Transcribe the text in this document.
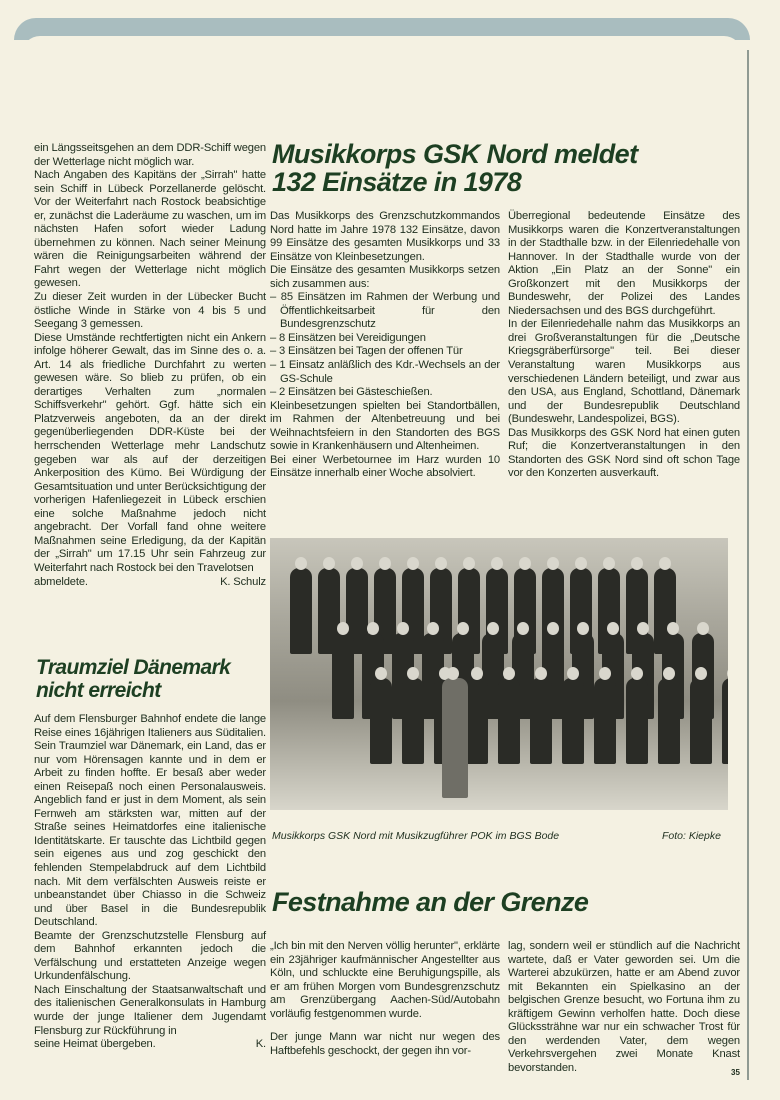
ein Längsseitsgehen an dem DDR-Schiff wegen der Wetterlage nicht möglich war.

Nach Angaben des Kapitäns der „Sirrah" hatte sein Schiff in Lübeck Porzellanerde gelöscht. Vor der Weiterfahrt nach Rostock beabsichtige er, zunächst die Laderäume zu waschen, um im nächsten Hafen sofort wieder Ladung übernehmen zu können. Nach seiner Meinung wären die Reinigungsarbeiten während der Fahrt wegen der Wetterlage nicht möglich gewesen.

Zu dieser Zeit wurden in der Lübecker Bucht östliche Winde in Stärke von 4 bis 5 und Seegang 3 gemessen.

Diese Umstände rechtfertigten nicht ein Ankern infolge höherer Gewalt, das im Sinne des o. a. Art. 14 als friedliche Durchfahrt zu werten gewesen wäre. So blieb zu prüfen, ob ein derartiges Verhalten zum „normalen Schiffsverkehr" gehört. Ggf. hätte sich ein Platzverweis angeboten, da an der direkt gegenüberliegenden DDR-Küste bei der herrschenden Wetterlage mehr Landschutz gegeben war als auf der derzeitigen Ankerposition des Kümo. Bei Würdigung der Gesamtsituation und unter Berücksichtigung der vorherigen Hafenliegezeit in Lübeck erschien eine solche Maßnahme jedoch nicht angebracht. Der Vorfall fand ohne weitere Maßnahmen seine Erledigung, da der Kapitän der „Sirrah" um 17.15 Uhr sein Fahrzeug zur Weiterfahrt nach Rostock bei den Travelotsen

abmeldete.	K. Schulz
Traumziel Dänemark nicht erreicht

Auf dem Flensburger Bahnhof endete die lange Reise eines 16jährigen Italieners aus Süditalien. Sein Traumziel war Dänemark, ein Land, das er nur vom Hörensagen kannte und in dem er Arbeit zu finden hoffte. Er besaß aber weder einen Reisepaß noch einen Personalausweis. Angeblich fand er just in dem Moment, als sein Fernweh am stärksten war, mitten auf der Straße seines Heimatdorfes eine italienische Identitätskarte. Er tauschte das Lichtbild gegen sein eigenes aus und zog geschickt den fehlenden Stempelabdruck auf dem Lichtbild nach. Mit dem verfälschten Ausweis reiste er unbeanstandet über Chiasso in die Schweiz und über Basel in die Bundesrepublik Deutschland.

Beamte der Grenzschutzstelle Flensburg auf dem Bahnhof erkannten jedoch die Verfälschung und erstatteten Anzeige wegen Urkundenfälschung.

Nach Einschaltung der Staatsanwaltschaft und des italienischen Generalkonsulats in Hamburg wurde der junge Italiener dem Jugendamt Flensburg zur Rückführung in

seine Heimat übergeben.	K.
Musikkorps GSK Nord meldet
132 Einsätze in 1978

Das Musikkorps des Grenzschutzkommandos Nord hatte im Jahre 1978 132 Einsätze, davon 99 Einsätze des gesamten Musikkorps und 33 Einsätze von Kleinbesetzungen.

Die Einsätze des gesamten Musikkorps setzen sich zusammen aus:

– 85 Einsätzen im Rahmen der Werbung und Öffentlichkeitsarbeit für den Bundesgrenzschutz
– 8 Einsätzen bei Vereidigungen
– 3 Einsätzen bei Tagen der offenen Tür
– 1 Einsatz anläßlich des Kdr.-Wechsels an der GS-Schule
– 2 Einsätzen bei Gästeschießen.

Kleinbesetzungen spielten bei Standortbällen, im Rahmen der Altenbetreuung und bei Weihnachtsfeiern in den Standorten des BGS sowie in Krankenhäusern und Altenheimen.

Bei einer Werbetournee im Harz wurden 10 Einsätze innerhalb einer Woche absolviert.

Überregional bedeutende Einsätze des Musikkorps waren die Konzertveranstaltungen in der Stadthalle bzw. in der Eilenriedehalle von Hannover. In der Stadthalle wurde von der Aktion „Ein Platz an der Sonne" ein Großkonzert mit den Musikkorps der Bundeswehr, der Polizei des Landes Niedersachsen und des BGS durchgeführt.

In der Eilenriedehalle nahm das Musikkorps an drei Großveranstaltungen für die „Deutsche Kriegsgräberfürsorge" teil. Bei dieser Veranstaltung waren Musikkorps aus verschiedenen Ländern beteiligt, und zwar aus den USA, aus England, Schottland, Dänemark und der Bundesrepublik Deutschland (Bundeswehr, Landespolizei, BGS).

Das Musikkorps des GSK Nord hat einen guten Ruf; die Konzertveranstaltungen in den Standorten des GSK Nord sind oft schon Tage vor den Konzerten ausverkauft.

Musikkorps GSK Nord mit Musikzugführer POK im BGS Bode	Foto: Kiepke
Festnahme an der Grenze

„Ich bin mit den Nerven völlig herunter", erklärte ein 23jähriger kaufmännischer Angestellter aus Köln, und schluckte eine Beruhigungspille, als er am frühen Morgen vom Bundesgrenzschutz am Grenzübergang Aachen-Süd/Autobahn vorläufig festgenommen wurde.

Der junge Mann war nicht nur wegen des Haftbefehls geschockt, der gegen ihn vor-

lag, sondern weil er stündlich auf die Nachricht wartete, daß er Vater geworden sei. Um die Warterei abzukürzen, hatte er am Abend zuvor mit Bekannten ein Spielkasino an der belgischen Grenze besucht, wo Fortuna ihm zu kräftigem Gewinn verholfen hatte. Doch diese Glückssträhne war nur ein schwacher Trost für den werdenden Vater, dem wegen Verkehrsvergehen zwei Monate Knast bevorstanden.	35
